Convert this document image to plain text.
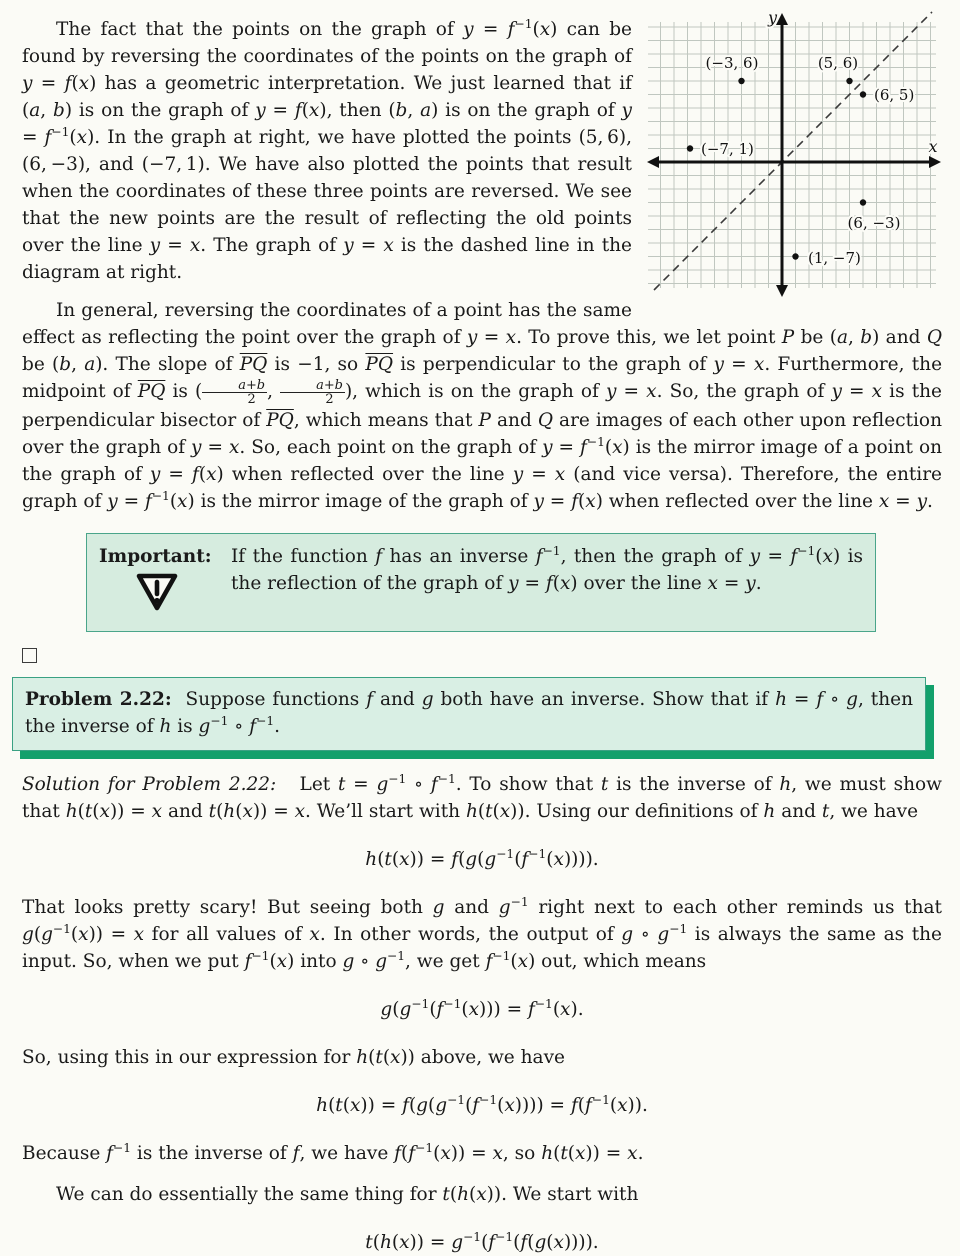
(−3, 6)	(5, 6)
(6, 5)
(−7, 1)
(6, −3)
(1, −7)
y
x

The fact that the points on the graph of $y = f^{-1}(x)$ can be found by reversing the coordinates of the points on the graph of y = f(x) has a geometric interpretation. We just learned that if (a, b) is on the graph of y = f(x), then (b, a) is on the graph of $y = f^{-1}(x)$. In the graph at right, we have plotted the points (5, 6), (6, −3), and (−7, 1). We have also plotted the points that result when the coordinates of these three points are reversed. We see that the new points are the result of reflecting the old points over the line y = x. The graph of y = x is the dashed line in the diagram at right.

In general, reversing the coordinates of a point has the same effect as reflecting the point over the graph of y = x. To prove this, we let point P be (a, b) and Q be (b, a). The slope of $\overline{PQ}$ is −1, so $\overline{PQ}$ is perpendicular to the graph of y = x. Furthermore, the midpoint of $\overline{PQ}$ is ( $\frac{a+b}{2}$ , $\frac{a+b}{2}$ ), which is on the graph of y = x. So, the graph of y = x is the perpendicular bisector of $\overline{PQ}$, which means that P and Q are images of each other upon reflection over the graph of y = x. So, each point on the graph of $y = f^{-1}(x)$ is the mirror image of a point on the graph of y = f(x) when reflected over the line y = x (and vice versa). Therefore, the entire graph of $y = f^{-1}(x)$ is the mirror image of the graph of y = f(x) when reflected over the line x = y.

Important: If the function f has an inverse $f^{-1}$, then the graph of $y = f^{-1}(x)$ is the reflection of the graph of y = f(x) over the line x = y.

Problem 2.22: Suppose functions f and g both have an inverse. Show that if h = f ∘ g, then the inverse of h is $g^{-1}$ ∘ $f^{-1}$.

Solution for Problem 2.22:   Let $t = g^{-1}$ ∘ $f^{-1}$. To show that t is the inverse of h, we must show that h(t(x)) = x and t(h(x)) = x. We’ll start with h(t(x)). Using our definitions of h and t, we have

$h(t(x)) = f(g(g^{-1}(f^{-1}(x))))$.

That looks pretty scary! But seeing both g and $g^{-1}$ right next to each other reminds us that $g(g^{-1}(x)) = x$ for all values of x. In other words, the output of g ∘ $g^{-1}$ is always the same as the input. So, when we put $f^{-1}(x)$ into g ∘ $g^{-1}$, we get $f^{-1}(x)$ out, which means

$g(g^{-1}(f^{-1}(x))) = f^{-1}(x)$.

So, using this in our expression for h(t(x)) above, we have

$h(t(x)) = f(g(g^{-1}(f^{-1}(x)))) = f(f^{-1}(x))$.

Because $f^{-1}$ is the inverse of f, we have $f(f^{-1}(x)) = x$, so h(t(x)) = x.

We can do essentially the same thing for t(h(x)). We start with

$t(h(x)) = g^{-1}(f^{-1}(f(g(x))))$.
